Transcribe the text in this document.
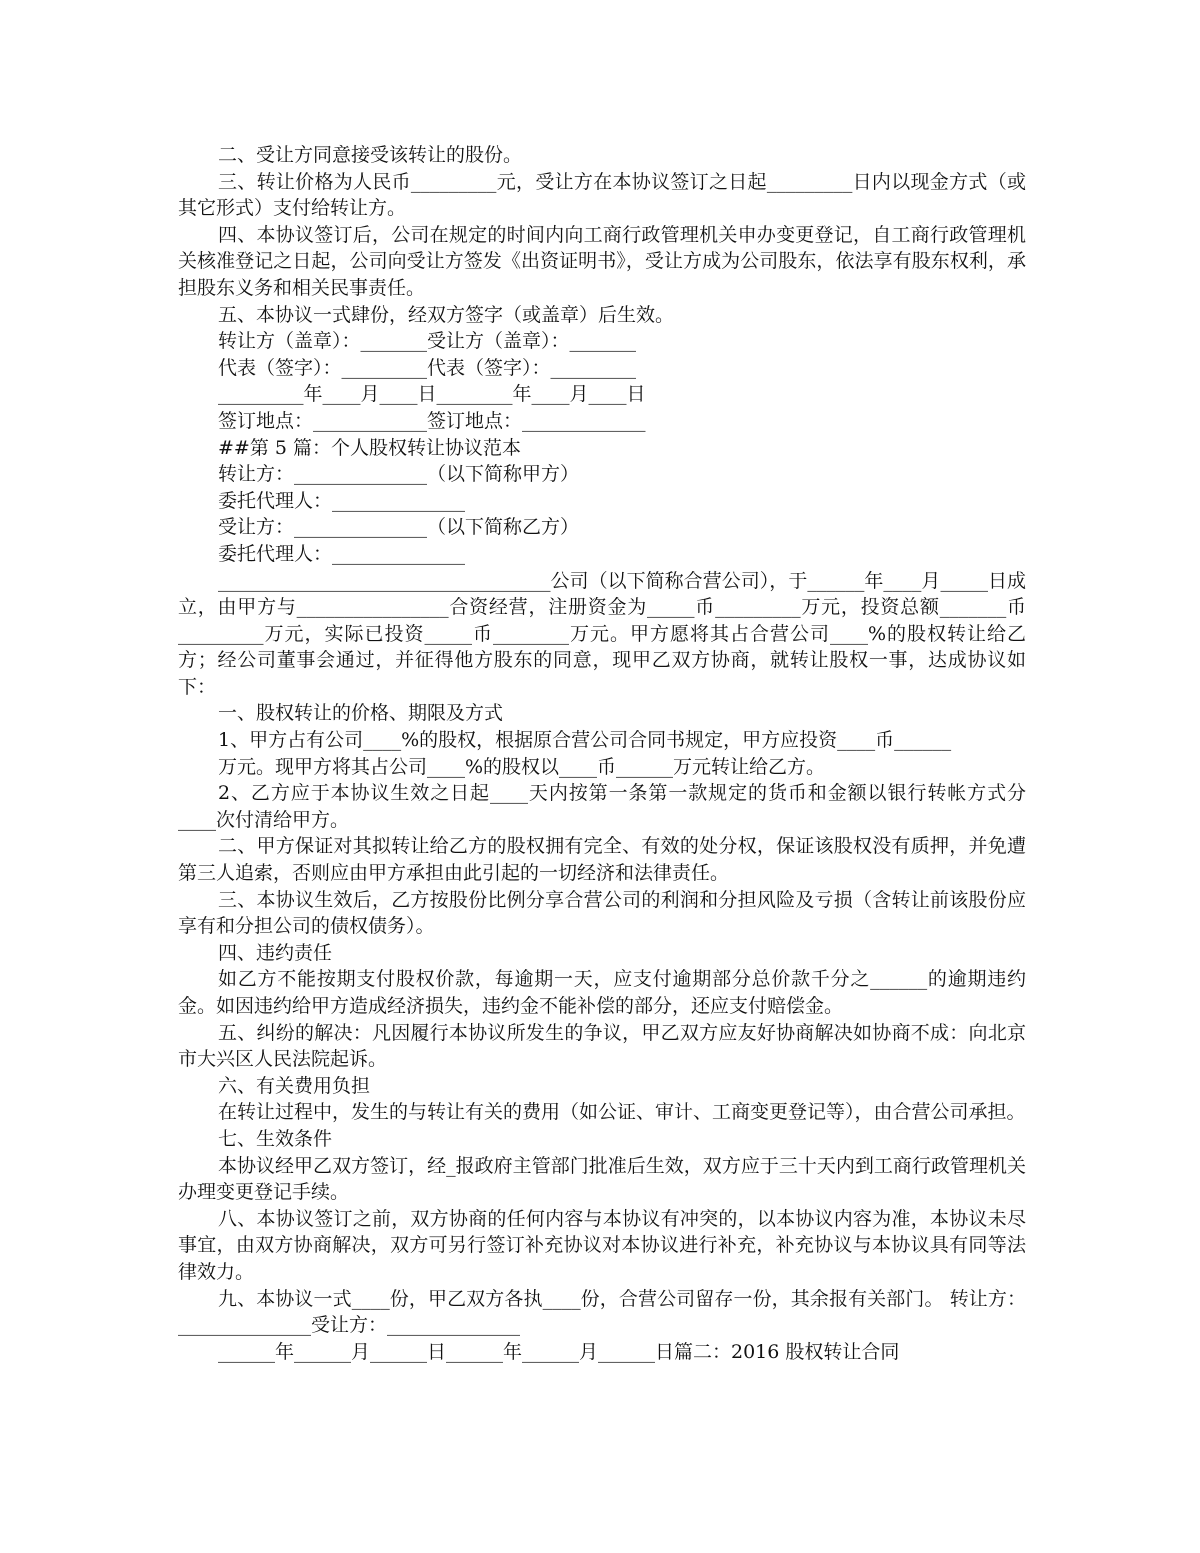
二、受让方同意接受该转让的股份。

三、转让价格为人民币_________元，受让方在本协议签订之日起_________日内以现金方式（或其它形式）支付给转让方。

四、本协议签订后，公司在规定的时间内向工商行政管理机关申办变更登记，自工商行政管理机关核准登记之日起，公司向受让方签发《出资证明书》，受让方成为公司股东，依法享有股东权利，承担股东义务和相关民事责任。

五、本协议一式肆份，经双方签字（或盖章）后生效。

转让方（盖章）：_______受让方（盖章）：_______

代表（签字）：_________代表（签字）：_________

_________年____月____日________年____月____日

签订地点：____________签订地点：_____________

##第 5 篇：个人股权转让协议范本

转让方：______________（以下简称甲方）

委托代理人：______________

受让方：______________（以下简称乙方）

委托代理人：______________

___________________________________公司（以下简称合营公司），于______年____月_____日成立，由甲方与________________合资经营，注册资金为_____币_________万元，投资总额_______币_________万元，实际已投资_____币________万元。甲方愿将其占合营公司____%的股权转让给乙方；经公司董事会通过，并征得他方股东的同意，现甲乙双方协商，就转让股权一事，达成协议如下：

一、股权转让的价格、期限及方式

1、甲方占有公司____%的股权，根据原合营公司合同书规定，甲方应投资____币______

万元。现甲方将其占公司____%的股权以____币______万元转让给乙方。

2、乙方应于本协议生效之日起____天内按第一条第一款规定的货币和金额以银行转帐方式分____次付清给甲方。

二、甲方保证对其拟转让给乙方的股权拥有完全、有效的处分权，保证该股权没有质押，并免遭第三人追索，否则应由甲方承担由此引起的一切经济和法律责任。

三、本协议生效后，乙方按股份比例分享合营公司的利润和分担风险及亏损（含转让前该股份应享有和分担公司的债权债务）。

四、违约责任

如乙方不能按期支付股权价款，每逾期一天，应支付逾期部分总价款千分之______的逾期违约金。如因违约给甲方造成经济损失，违约金不能补偿的部分，还应支付赔偿金。

五、纠纷的解决：凡因履行本协议所发生的争议，甲乙双方应友好协商解决如协商不成：向北京市大兴区人民法院起诉。

六、有关费用负担

在转让过程中，发生的与转让有关的费用（如公证、审计、工商变更登记等），由合营公司承担。

七、生效条件

本协议经甲乙双方签订，经_报政府主管部门批准后生效，双方应于三十天内到工商行政管理机关办理变更登记手续。

八、本协议签订之前，双方协商的任何内容与本协议有冲突的，以本协议内容为准，本协议未尽事宜，由双方协商解决，双方可另行签订补充协议对本协议进行补充，补充协议与本协议具有同等法律效力。

九、本协议一式____份，甲乙双方各执____份，合营公司留存一份，其余报有关部门。 转让方：______________受让方：______________

______年______月______日______年______月______日篇二：2016 股权转让合同
